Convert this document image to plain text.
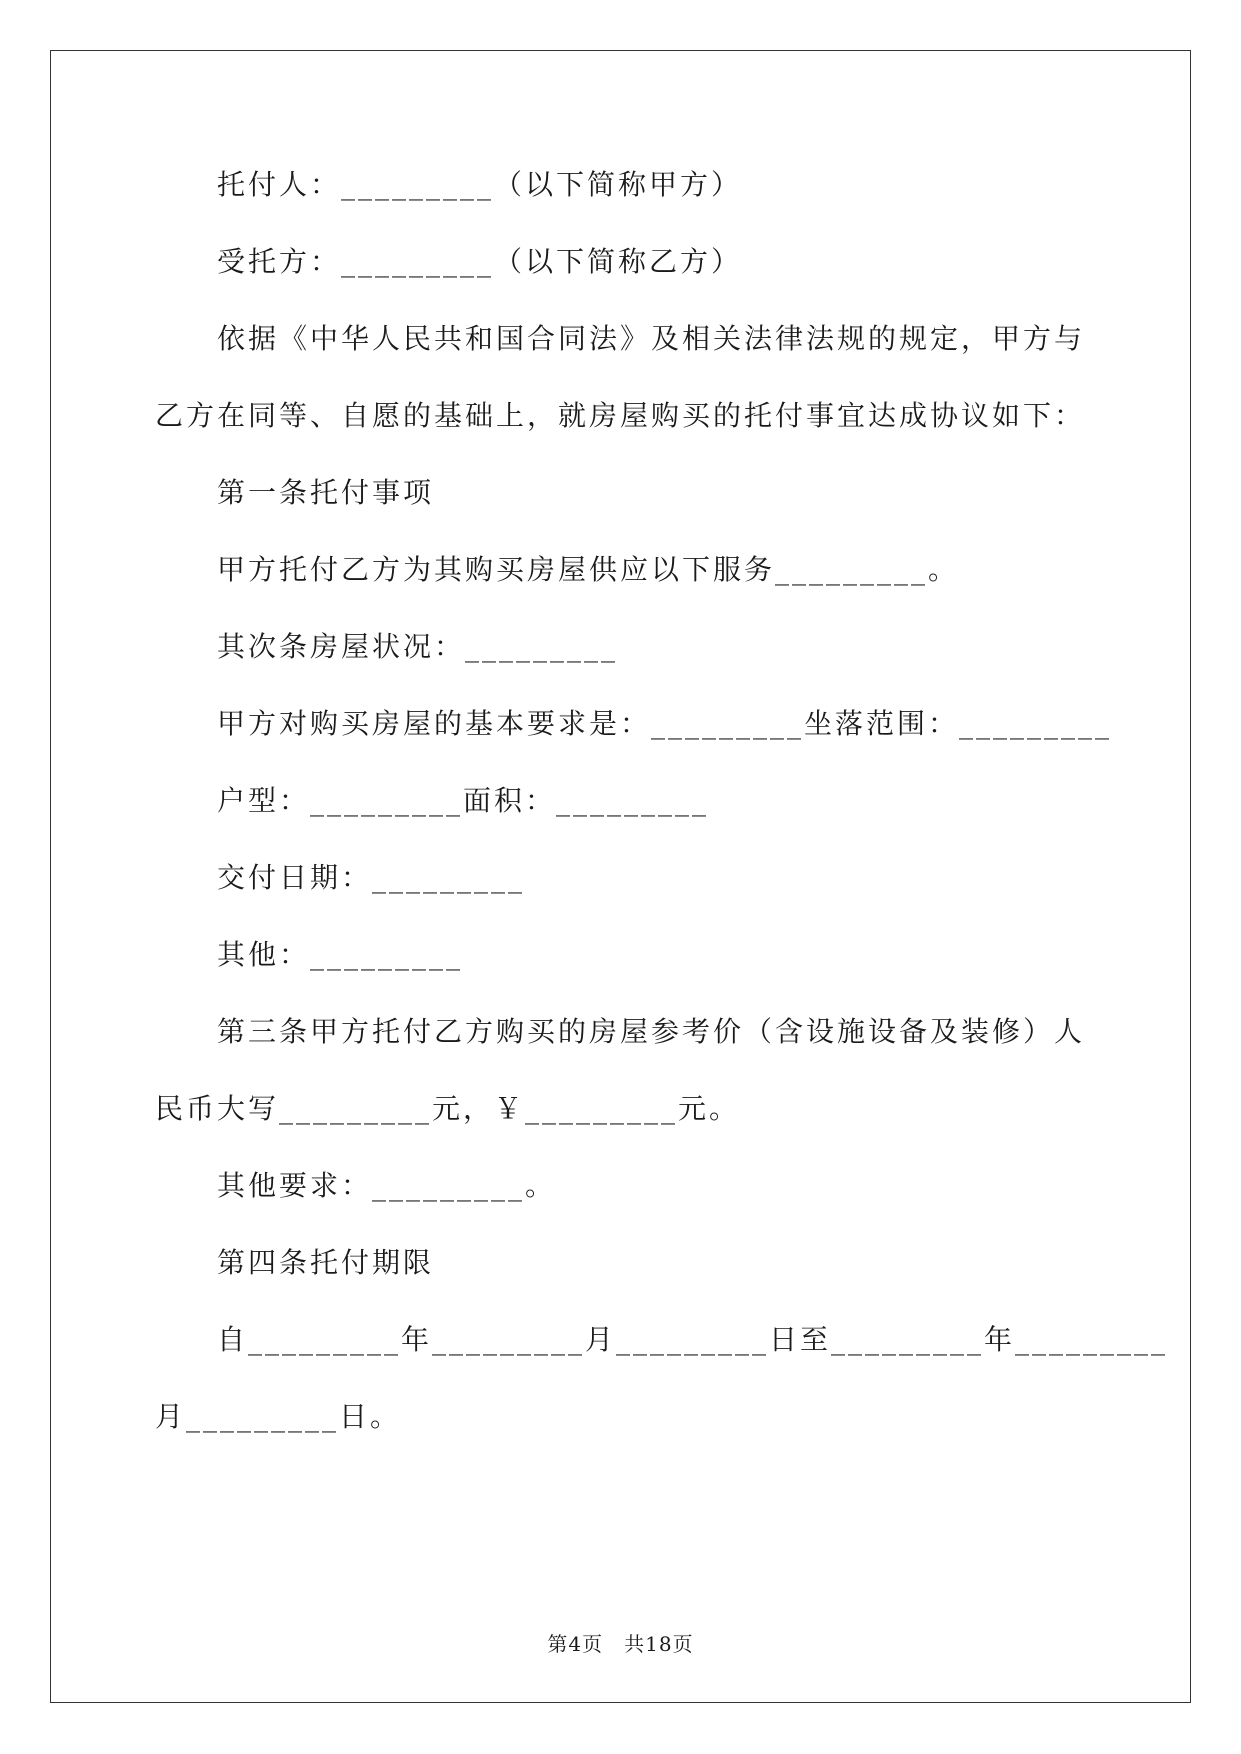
托付人：_________（以下简称甲方）
受托方：_________（以下简称乙方）
依据《中华人民共和国合同法》及相关法律法规的规定，甲方与
乙方在同等、自愿的基础上，就房屋购买的托付事宜达成协议如下：
第一条托付事项
甲方托付乙方为其购买房屋供应以下服务_________。
其次条房屋状况：_________
甲方对购买房屋的基本要求是：_________坐落范围：_________
户型：_________面积：_________
交付日期：_________
其他：_________
第三条甲方托付乙方购买的房屋参考价（含设施设备及装修）人
民币大写_________元，￥_________元。
其他要求：_________。
第四条托付期限
自_________年_________月_________日至_________年_________
月_________日。
第4页　共18页
